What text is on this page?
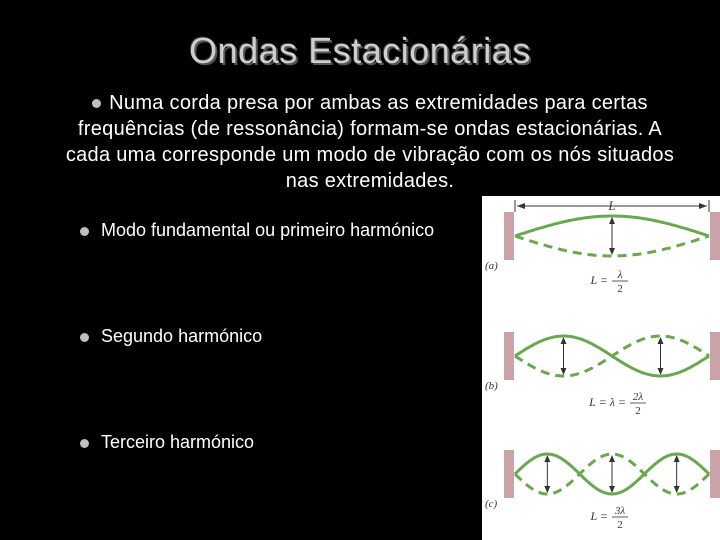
Ondas Estacionárias
Numa corda presa por ambas as extremidades para certas frequências (de ressonância) formam-se ondas estacionárias. A cada uma corresponde um modo de vibração com os nós situados nas extremidades.
Modo fundamental ou primeiro harmónico
Segundo harmónico
Terceiro harmónico
L
(a)
L = λ
2
(b)
L = λ = 2λ
2
(c)
L = 3λ
2
